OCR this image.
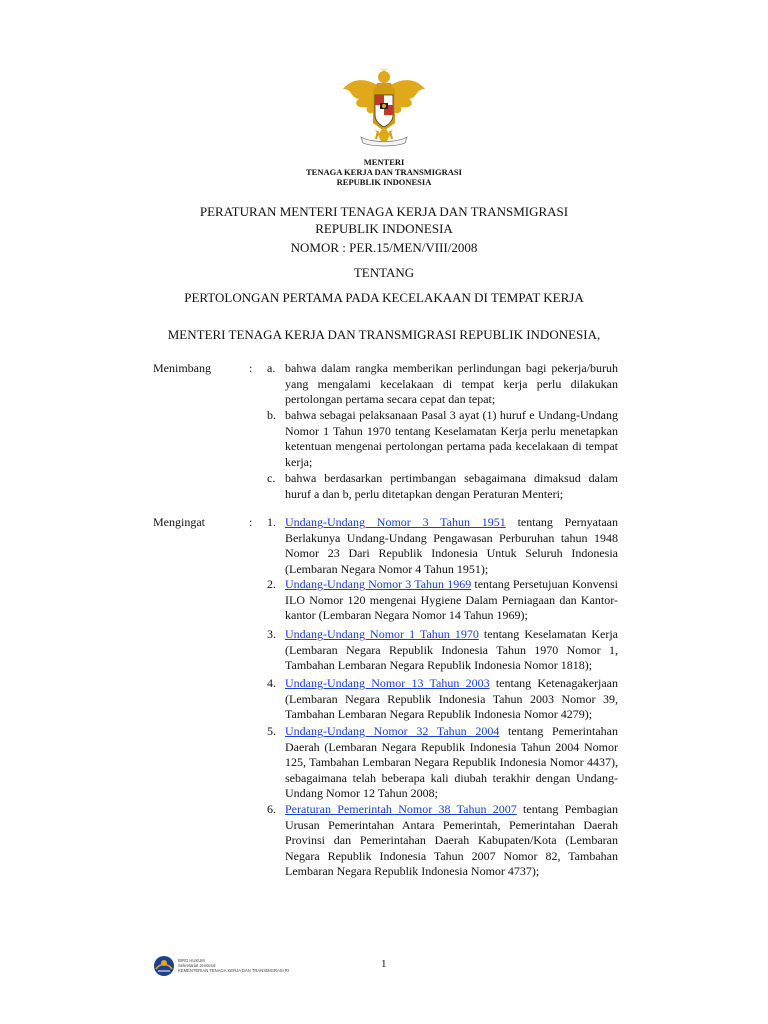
MENTERI
TENAGA KERJA DAN TRANSMIGRASI
REPUBLIK INDONESIA
PERATURAN MENTERI TENAGA KERJA DAN TRANSMIGRASI
REPUBLIK INDONESIA
NOMOR : PER.15/MEN/VIII/2008
TENTANG
PERTOLONGAN PERTAMA PADA KECELAKAAN DI TEMPAT KERJA
MENTERI TENAGA KERJA DAN TRANSMIGRASI REPUBLIK INDONESIA,
Menimbang	: a. bahwa dalam rangka memberikan perlindungan bagi pekerja/buruh yang mengalami kecelakaan di tempat kerja perlu dilakukan pertolongan pertama secara cepat dan tepat;
b. bahwa sebagai pelaksanaan Pasal 3 ayat (1) huruf e Undang-Undang Nomor 1 Tahun 1970 tentang Keselamatan Kerja perlu menetapkan ketentuan mengenai pertolongan pertama pada kecelakaan di tempat kerja;
c. bahwa berdasarkan pertimbangan sebagaimana dimaksud dalam huruf a dan b, perlu ditetapkan dengan Peraturan Menteri;
Mengingat	: 1. Undang-Undang Nomor 3 Tahun 1951 tentang Pernyataan Berlakunya Undang-Undang Pengawasan Perburuhan tahun 1948 Nomor 23 Dari Republik Indonesia Untuk Seluruh Indonesia (Lembaran Negara Nomor 4 Tahun 1951);
2. Undang-Undang Nomor 3 Tahun 1969 tentang Persetujuan Konvensi ILO Nomor 120 mengenai Hygiene Dalam Perniagaan dan Kantor-kantor (Lembaran Negara Nomor 14 Tahun 1969);
3. Undang-Undang Nomor 1 Tahun 1970 tentang Keselamatan Kerja (Lembaran Negara Republik Indonesia Tahun 1970 Nomor 1, Tambahan Lembaran Negara Republik Indonesia Nomor 1818);
4. Undang-Undang Nomor 13 Tahun 2003 tentang Ketenagakerjaan (Lembaran Negara Republik Indonesia Tahun 2003 Nomor 39, Tambahan Lembaran Negara Republik Indonesia Nomor 4279);
5. Undang-Undang Nomor 32 Tahun 2004 tentang Pemerintahan Daerah (Lembaran Negara Republik Indonesia Tahun 2004 Nomor 125, Tambahan Lembaran Negara Republik Indonesia Nomor 4437), sebagaimana telah beberapa kali diubah terakhir dengan Undang-Undang Nomor 12 Tahun 2008;
6. Peraturan Pemerintah Nomor 38 Tahun 2007 tentang Pembagian Urusan Pemerintahan Antara Pemerintah, Pemerintahan Daerah Provinsi dan Pemerintahan Daerah Kabupaten/Kota (Lembaran Negara Republik Indonesia Tahun 2007 Nomor 82, Tambahan Lembaran Negara Republik Indonesia Nomor 4737);
BIRO HUKUM
Sekretariat Jenderal
KEMENTERIAN TENAGA KERJA DAN TRANSMIGRASI RI
1
